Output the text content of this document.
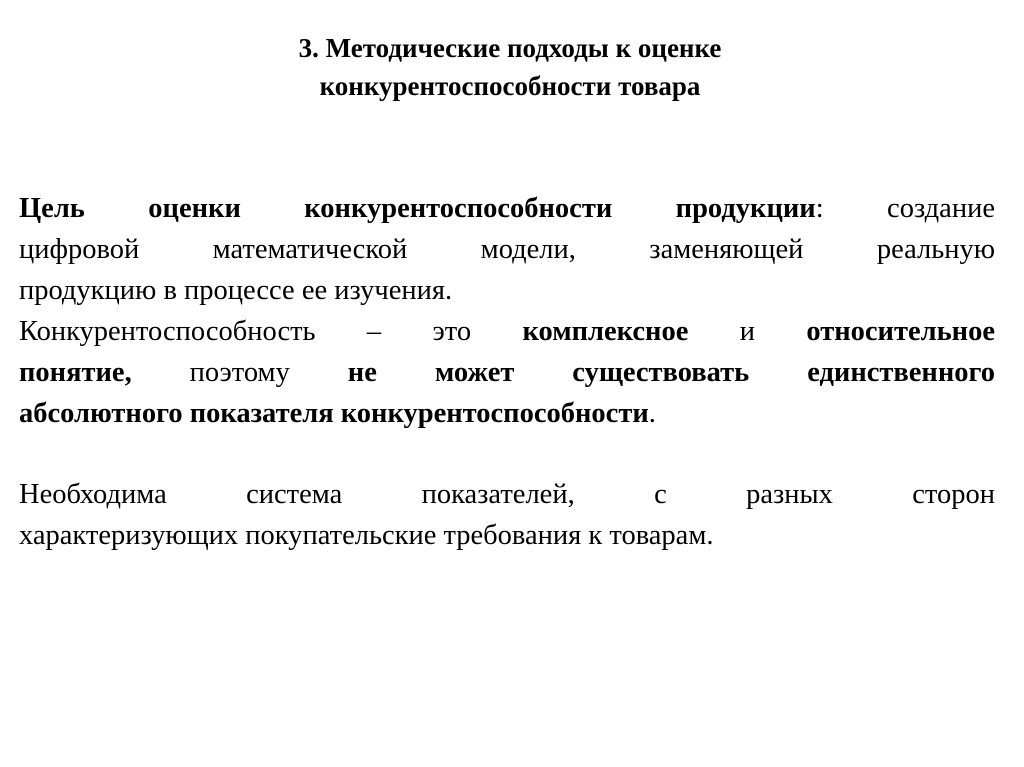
3. Методические подходы к оценке
конкурентоспособности товара

Цель оценки конкурентоспособности продукции: создание
цифровой математической модели, заменяющей реальную
продукцию в процессе ее изучения.

Конкурентоспособность – это комплексное и относительное
понятие, поэтому не может существовать единственного
абсолютного показателя конкурентоспособности.

Необходима система показателей, с разных сторон
характеризующих покупательские требования к товарам.
